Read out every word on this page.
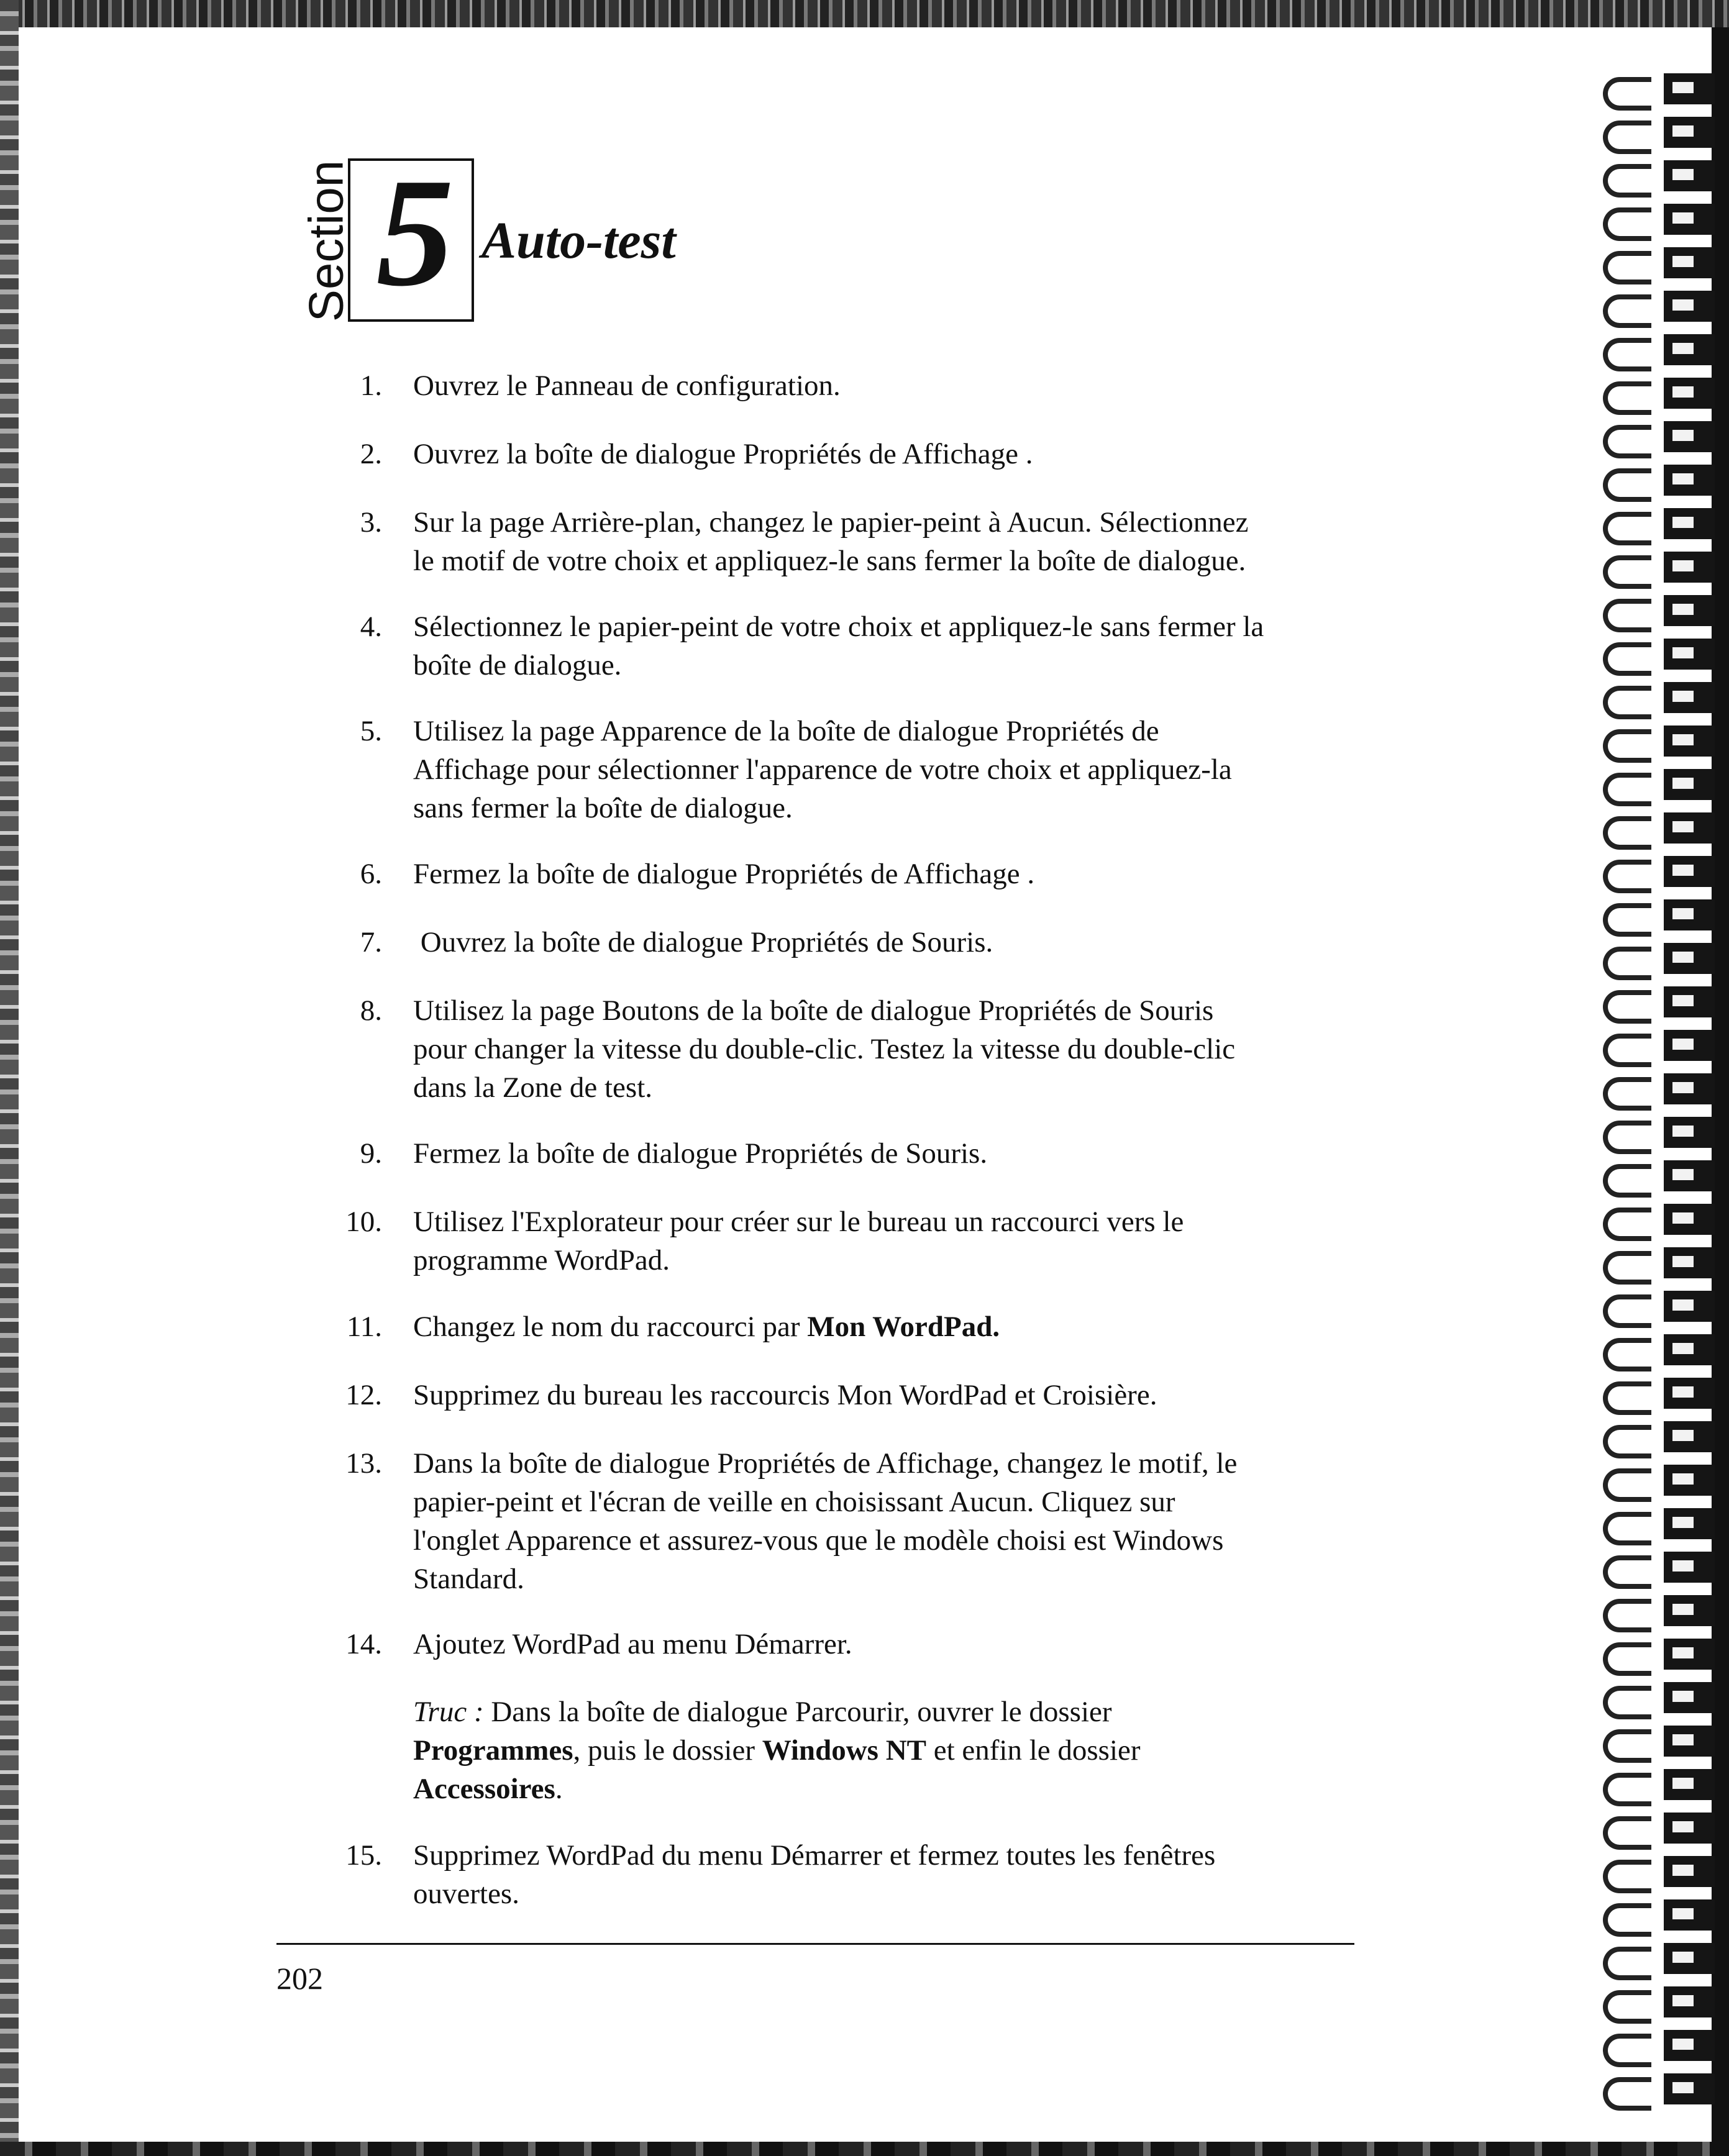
Section 5 Auto-test
1. Ouvrez le Panneau de configuration.
2. Ouvrez la boîte de dialogue Propriétés de Affichage .
3. Sur la page Arrière-plan, changez le papier-peint à Aucun. Sélectionnez
le motif de votre choix et appliquez-le sans fermer la boîte de dialogue.
4. Sélectionnez le papier-peint de votre choix et appliquez-le sans fermer la
boîte de dialogue.
5. Utilisez la page Apparence de la boîte de dialogue Propriétés de
Affichage pour sélectionner l'apparence de votre choix et appliquez-la
sans fermer la boîte de dialogue.
6. Fermez la boîte de dialogue Propriétés de Affichage .
7. Ouvrez la boîte de dialogue Propriétés de Souris.
8. Utilisez la page Boutons de la boîte de dialogue Propriétés de Souris
pour changer la vitesse du double-clic. Testez la vitesse du double-clic
dans la Zone de test.
9. Fermez la boîte de dialogue Propriétés de Souris.
10. Utilisez l'Explorateur pour créer sur le bureau un raccourci vers le
programme WordPad.
11. Changez le nom du raccourci par Mon WordPad.
12. Supprimez du bureau les raccourcis Mon WordPad et Croisière.
13. Dans la boîte de dialogue Propriétés de Affichage, changez le motif, le
papier-peint et l'écran de veille en choisissant Aucun. Cliquez sur
l'onglet Apparence et assurez-vous que le modèle choisi est Windows
Standard.
14. Ajoutez WordPad au menu Démarrer.
Truc : Dans la boîte de dialogue Parcourir, ouvrer le dossier
Programmes, puis le dossier Windows NT et enfin le dossier
Accessoires.
15. Supprimez WordPad du menu Démarrer et fermez toutes les fenêtres
ouvertes.
202
